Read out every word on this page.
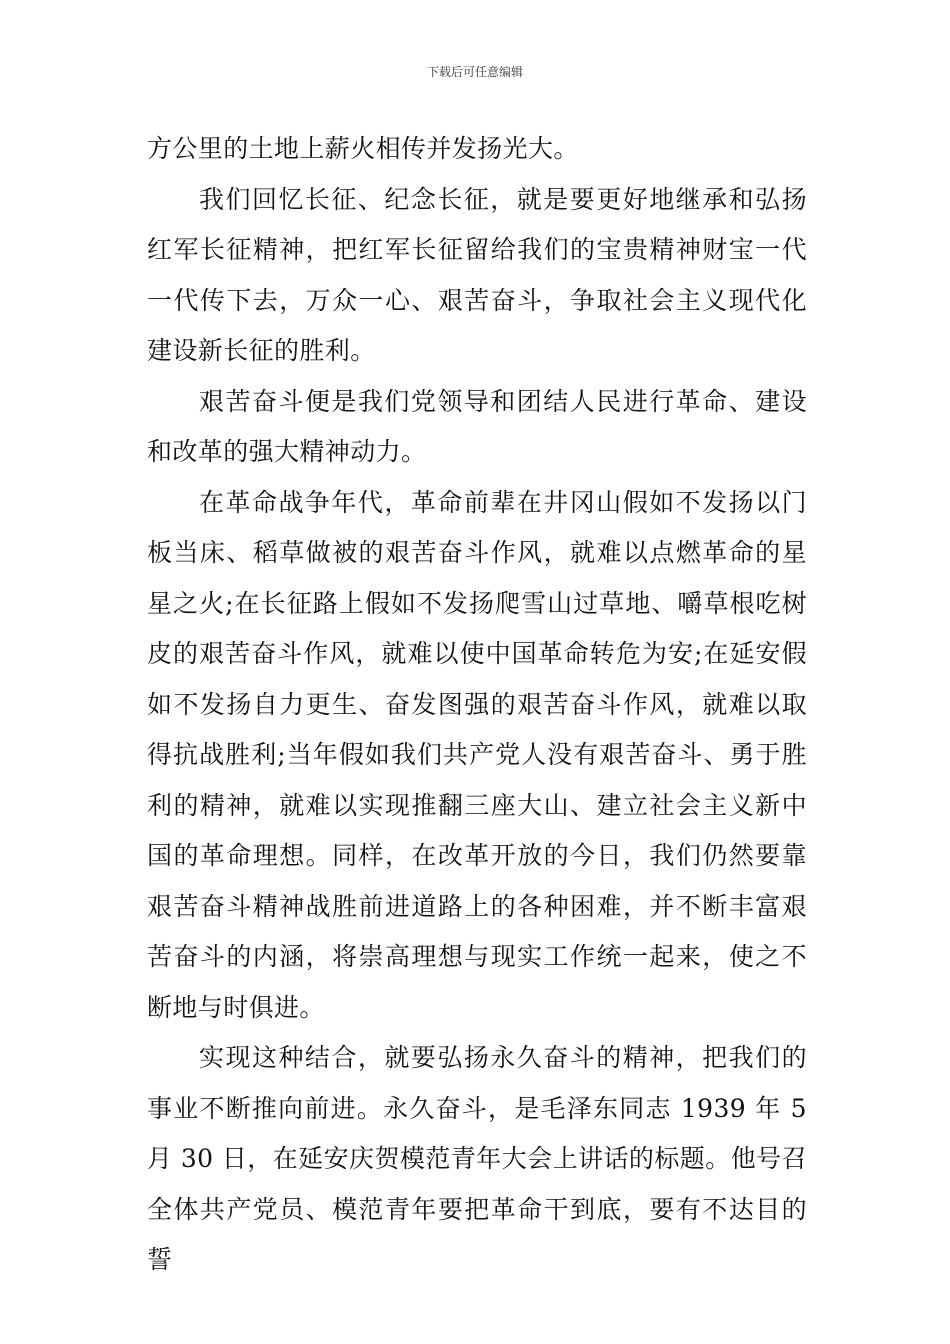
下载后可任意编辑

方公里的土地上薪火相传并发扬光大。

我们回忆长征、纪念长征，就是要更好地继承和弘扬红军长征精神，把红军长征留给我们的宝贵精神财宝一代一代传下去，万众一心、艰苦奋斗，争取社会主义现代化建设新长征的胜利。

艰苦奋斗便是我们党领导和团结人民进行革命、建设和改革的强大精神动力。

在革命战争年代，革命前辈在井冈山假如不发扬以门板当床、稻草做被的艰苦奋斗作风，就难以点燃革命的星星之火;在长征路上假如不发扬爬雪山过草地、嚼草根吃树皮的艰苦奋斗作风，就难以使中国革命转危为安;在延安假如不发扬自力更生、奋发图强的艰苦奋斗作风，就难以取得抗战胜利;当年假如我们共产党人没有艰苦奋斗、勇于胜利的精神，就难以实现推翻三座大山、建立社会主义新中国的革命理想。同样，在改革开放的今日，我们仍然要靠艰苦奋斗精神战胜前进道路上的各种困难，并不断丰富艰苦奋斗的内涵，将崇高理想与现实工作统一起来，使之不断地与时俱进。

实现这种结合，就要弘扬永久奋斗的精神，把我们的事业不断推向前进。永久奋斗，是毛泽东同志 1939 年 5 月 30 日，在延安庆贺模范青年大会上讲话的标题。他号召全体共产党员、模范青年要把革命干到底，要有不达目的誓
